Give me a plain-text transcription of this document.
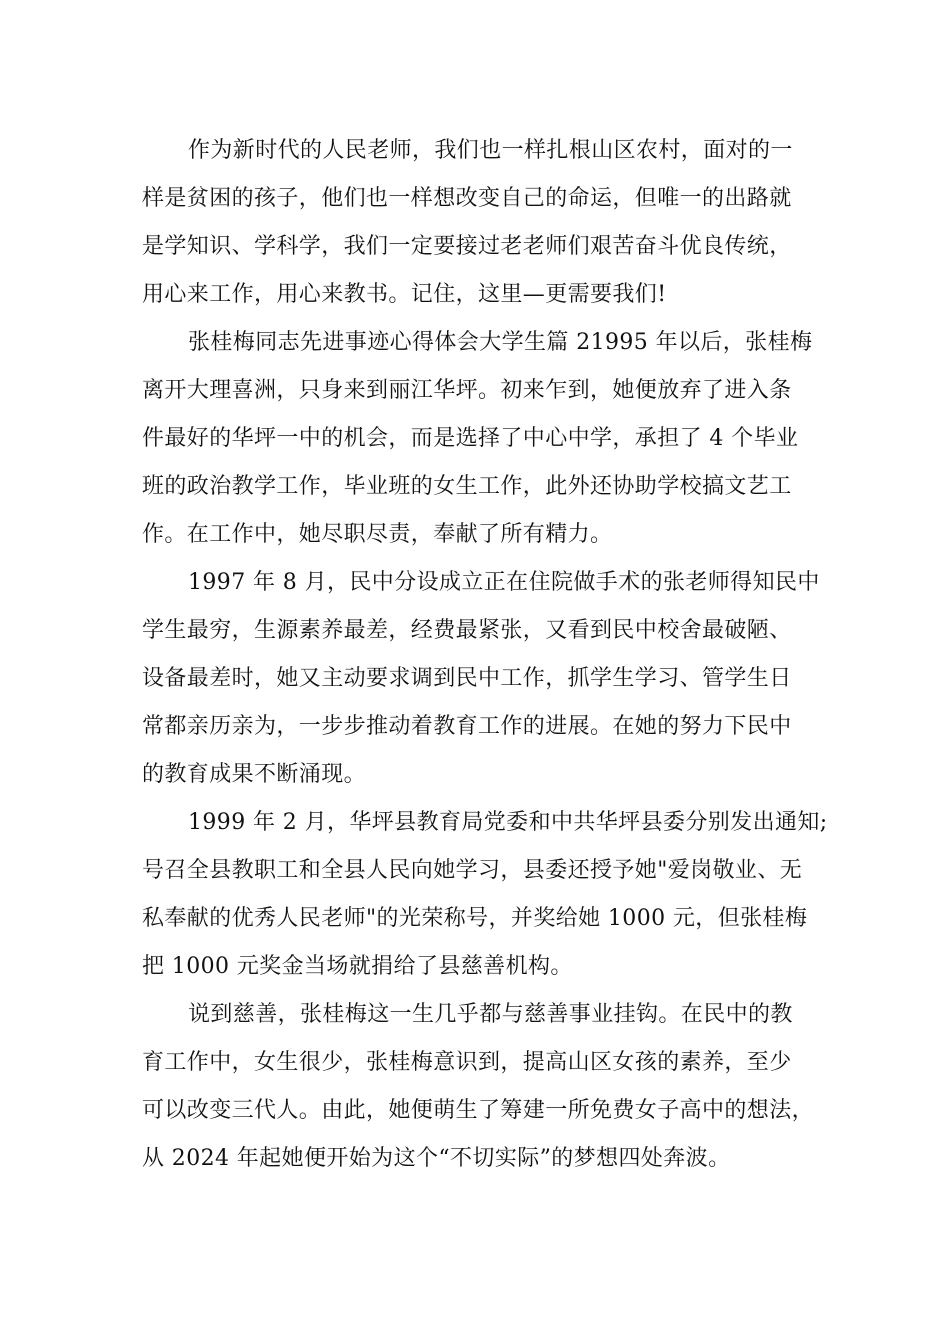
作为新时代的人民老师，我们也一样扎根山区农村，面对的一
样是贫困的孩子，他们也一样想改变自己的命运，但唯一的出路就
是学知识、学科学，我们一定要接过老老师们艰苦奋斗优良传统，
用心来工作，用心来教书。记住，这里—更需要我们!

张桂梅同志先进事迹心得体会大学生篇 21995 年以后，张桂梅
离开大理喜洲，只身来到丽江华坪。初来乍到，她便放弃了进入条
件最好的华坪一中的机会，而是选择了中心中学，承担了 4 个毕业
班的政治教学工作，毕业班的女生工作，此外还协助学校搞文艺工
作。在工作中，她尽职尽责，奉献了所有精力。

1997 年 8 月，民中分设成立正在住院做手术的张老师得知民中
学生最穷，生源素养最差，经费最紧张，又看到民中校舍最破陋、
设备最差时，她又主动要求调到民中工作，抓学生学习、管学生日
常都亲历亲为，一步步推动着教育工作的进展。在她的努力下民中
的教育成果不断涌现。

1999 年 2 月，华坪县教育局党委和中共华坪县委分别发出通知;
号召全县教职工和全县人民向她学习，县委还授予她"爱岗敬业、无
私奉献的优秀人民老师"的光荣称号，并奖给她 1000 元，但张桂梅
把 1000 元奖金当场就捐给了县慈善机构。

说到慈善，张桂梅这一生几乎都与慈善事业挂钩。在民中的教
育工作中，女生很少，张桂梅意识到，提高山区女孩的素养，至少
可以改变三代人。由此，她便萌生了筹建一所免费女子高中的想法，
从 2024 年起她便开始为这个“不切实际”的梦想四处奔波。
